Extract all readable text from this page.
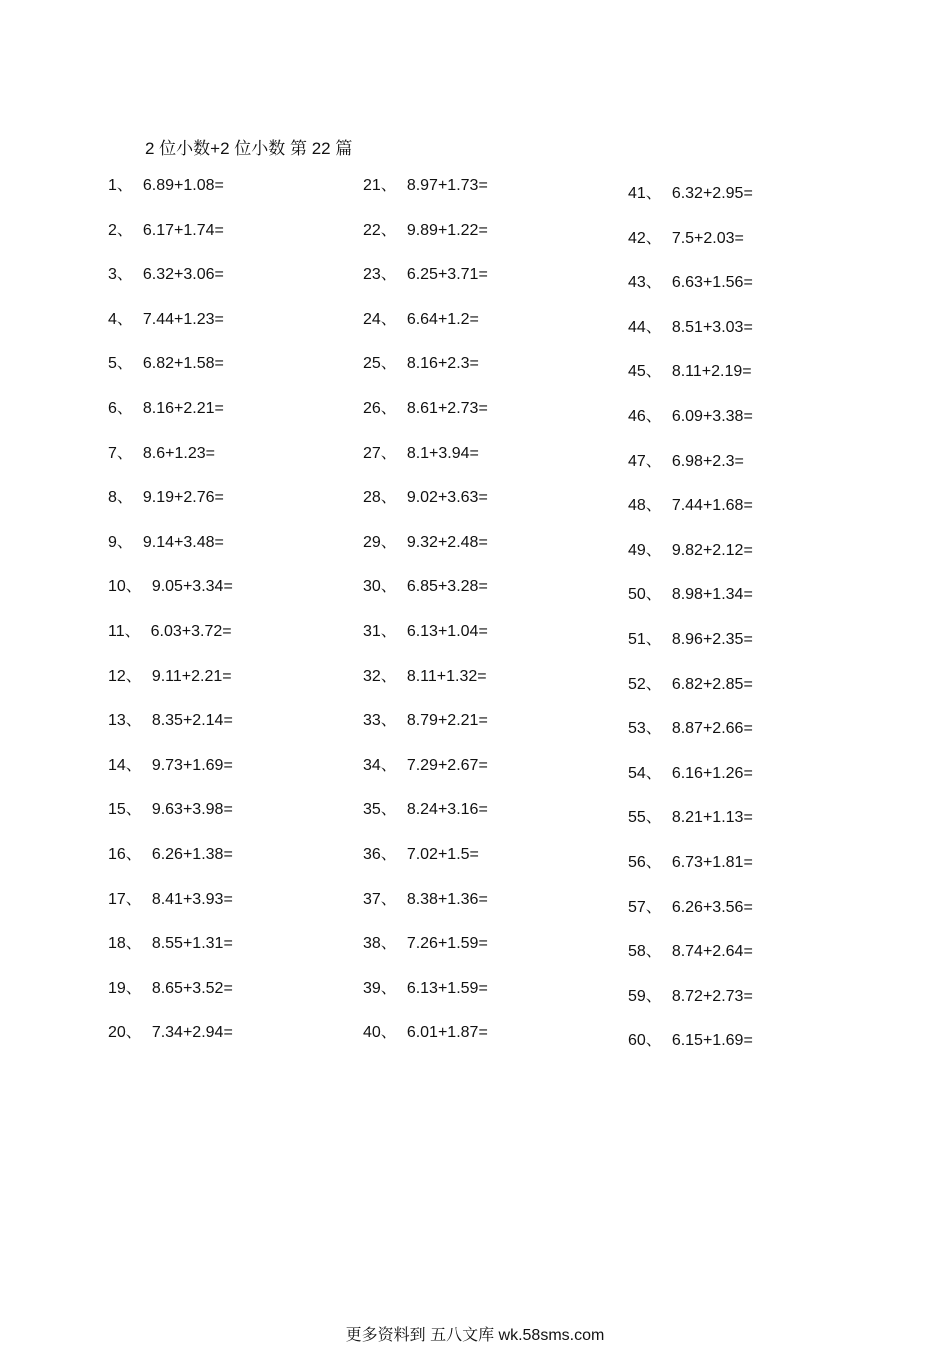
2 位小数+2 位小数 第 22 篇
1、 6.89+1.08=
2、 6.17+1.74=
3、 6.32+3.06=
4、 7.44+1.23=
5、 6.82+1.58=
6、 8.16+2.21=
7、 8.6+1.23=
8、 9.19+2.76=
9、 9.14+3.48=
10、 9.05+3.34=
11、 6.03+3.72=
12、 9.11+2.21=
13、 8.35+2.14=
14、 9.73+1.69=
15、 9.63+3.98=
16、 6.26+1.38=
17、 8.41+3.93=
18、 8.55+1.31=
19、 8.65+3.52=
20、 7.34+2.94=
21、 8.97+1.73=
22、 9.89+1.22=
23、 6.25+3.71=
24、 6.64+1.2=
25、 8.16+2.3=
26、 8.61+2.73=
27、 8.1+3.94=
28、 9.02+3.63=
29、 9.32+2.48=
30、 6.85+3.28=
31、 6.13+1.04=
32、 8.11+1.32=
33、 8.79+2.21=
34、 7.29+2.67=
35、 8.24+3.16=
36、 7.02+1.5=
37、 8.38+1.36=
38、 7.26+1.59=
39、 6.13+1.59=
40、 6.01+1.87=
41、 6.32+2.95=
42、 7.5+2.03=
43、 6.63+1.56=
44、 8.51+3.03=
45、 8.11+2.19=
46、 6.09+3.38=
47、 6.98+2.3=
48、 7.44+1.68=
49、 9.82+2.12=
50、 8.98+1.34=
51、 8.96+2.35=
52、 6.82+2.85=
53、 8.87+2.66=
54、 6.16+1.26=
55、 8.21+1.13=
56、 6.73+1.81=
57、 6.26+3.56=
58、 8.74+2.64=
59、 8.72+2.73=
60、 6.15+1.69=
更多资料到 五八文库 wk.58sms.com
